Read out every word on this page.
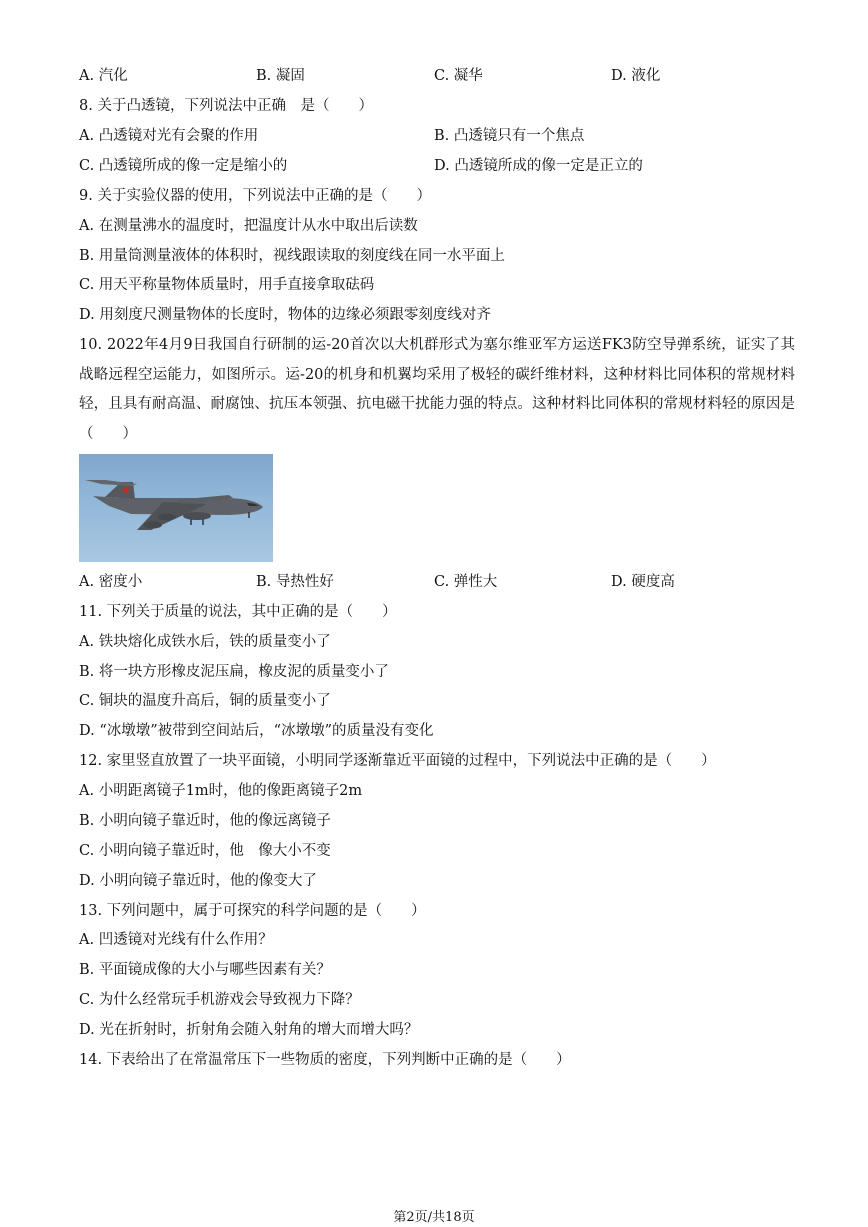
A. 汽化	B. 凝固	C. 凝华	D. 液化
8. 关于凸透镜，下列说法中正确　是（　　）
A. 凸透镜对光有会聚的作用	B. 凸透镜只有一个焦点
C. 凸透镜所成的像一定是缩小的	D. 凸透镜所成的像一定是正立的
9. 关于实验仪器的使用，下列说法中正确的是（　　）
A. 在测量沸水的温度时，把温度计从水中取出后读数
B. 用量筒测量液体的体积时，视线跟读取的刻度线在同一水平面上
C. 用天平称量物体质量时，用手直接拿取砝码
D. 用刻度尺测量物体的长度时，物体的边缘必须跟零刻度线对齐
10. 2022年4月9日我国自行研制的运-20首次以大机群形式为塞尔维亚军方运送FK3防空导弹系统，证实了其战略远程空运能力，如图所示。运-20的机身和机翼均采用了极轻的碳纤维材料，这种材料比同体积的常规材料轻，且具有耐高温、耐腐蚀、抗压本领强、抗电磁干扰能力强的特点。这种材料比同体积的常规材料轻的原因是（　　）
A. 密度小	B. 导热性好	C. 弹性大	D. 硬度高
11. 下列关于质量的说法，其中正确的是（　　）
A. 铁块熔化成铁水后，铁的质量变小了
B. 将一块方形橡皮泥压扁，橡皮泥的质量变小了
C. 铜块的温度升高后，铜的质量变小了
D. “冰墩墩”被带到空间站后，“冰墩墩”的质量没有变化
12. 家里竖直放置了一块平面镜，小明同学逐渐靠近平面镜的过程中，下列说法中正确的是（　　）
A. 小明距离镜子1m时，他的像距离镜子2m
B. 小明向镜子靠近时，他的像远离镜子
C. 小明向镜子靠近时，他　像大小不变
D. 小明向镜子靠近时，他的像变大了
13. 下列问题中，属于可探究的科学问题的是（　　）
A. 凹透镜对光线有什么作用？
B. 平面镜成像的大小与哪些因素有关？
C. 为什么经常玩手机游戏会导致视力下降？
D. 光在折射时，折射角会随入射角的增大而增大吗？
14. 下表给出了在常温常压下一些物质的密度，下列判断中正确的是（　　）
第2页/共18页
